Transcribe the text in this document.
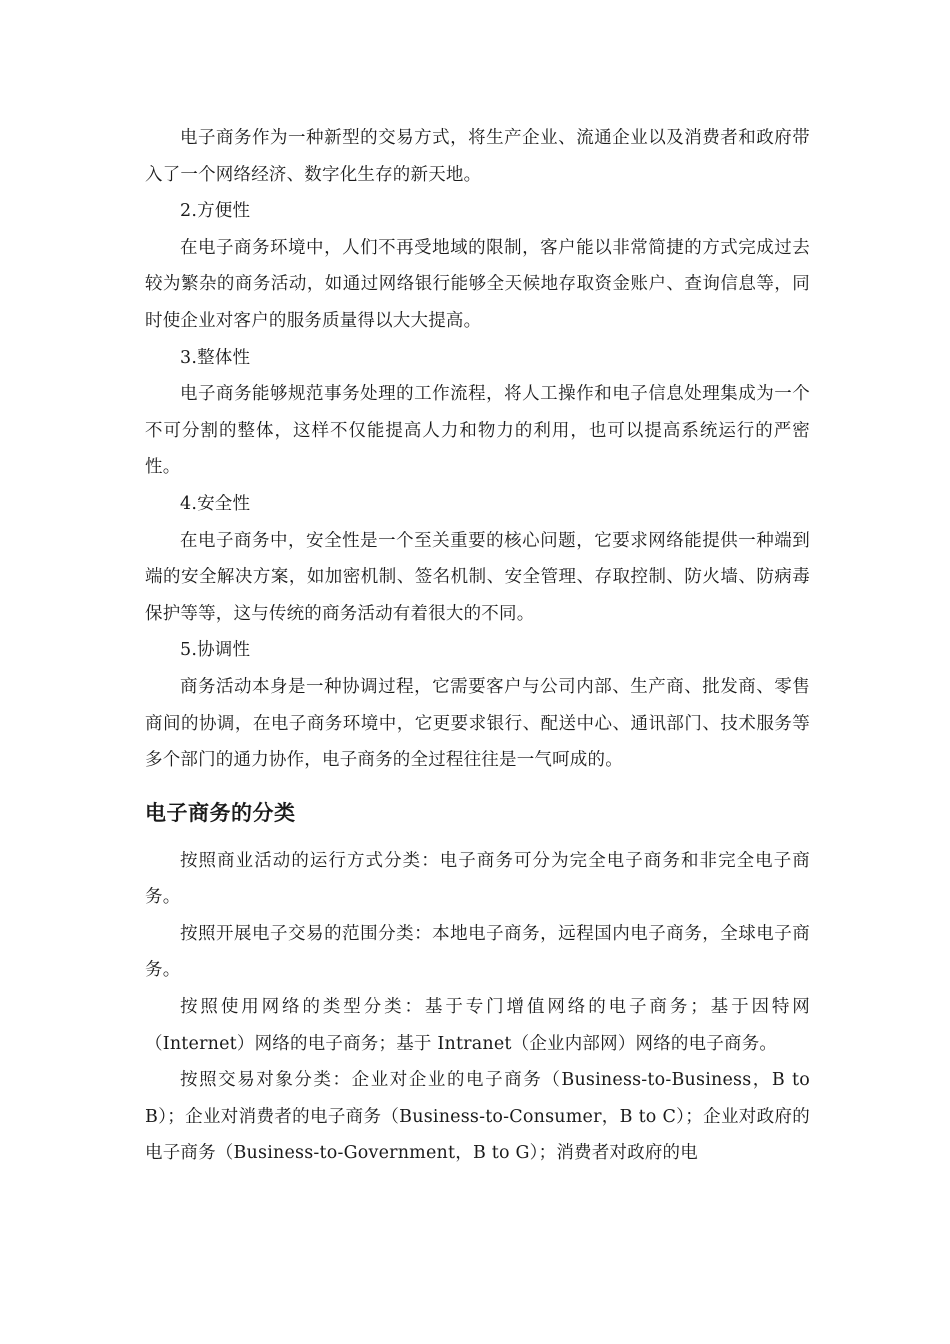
电子商务作为一种新型的交易方式，将生产企业、流通企业以及消费者和政府带入了一个网络经济、数字化生存的新天地。

2.方便性

在电子商务环境中，人们不再受地域的限制，客户能以非常简捷的方式完成过去较为繁杂的商务活动，如通过网络银行能够全天候地存取资金账户、查询信息等，同时使企业对客户的服务质量得以大大提高。

3.整体性

电子商务能够规范事务处理的工作流程，将人工操作和电子信息处理集成为一个不可分割的整体，这样不仅能提高人力和物力的利用，也可以提高系统运行的严密性。

4.安全性

在电子商务中，安全性是一个至关重要的核心问题，它要求网络能提供一种端到端的安全解决方案，如加密机制、签名机制、安全管理、存取控制、防火墙、防病毒保护等等，这与传统的商务活动有着很大的不同。

5.协调性

商务活动本身是一种协调过程，它需要客户与公司内部、生产商、批发商、零售商间的协调，在电子商务环境中，它更要求银行、配送中心、通讯部门、技术服务等多个部门的通力协作，电子商务的全过程往往是一气呵成的。

电子商务的分类

按照商业活动的运行方式分类：电子商务可分为完全电子商务和非完全电子商务。

按照开展电子交易的范围分类：本地电子商务，远程国内电子商务，全球电子商务。

按照使用网络的类型分类：基于专门增值网络的电子商务；基于因特网（Internet）网络的电子商务；基于 Intranet（企业内部网）网络的电子商务。

按照交易对象分类：企业对企业的电子商务（Business-to-Business，B to B）；企业对消费者的电子商务（Business-to-Consumer，B to C）；企业对政府的电子商务（Business-to-Government，B to G）；消费者对政府的电
